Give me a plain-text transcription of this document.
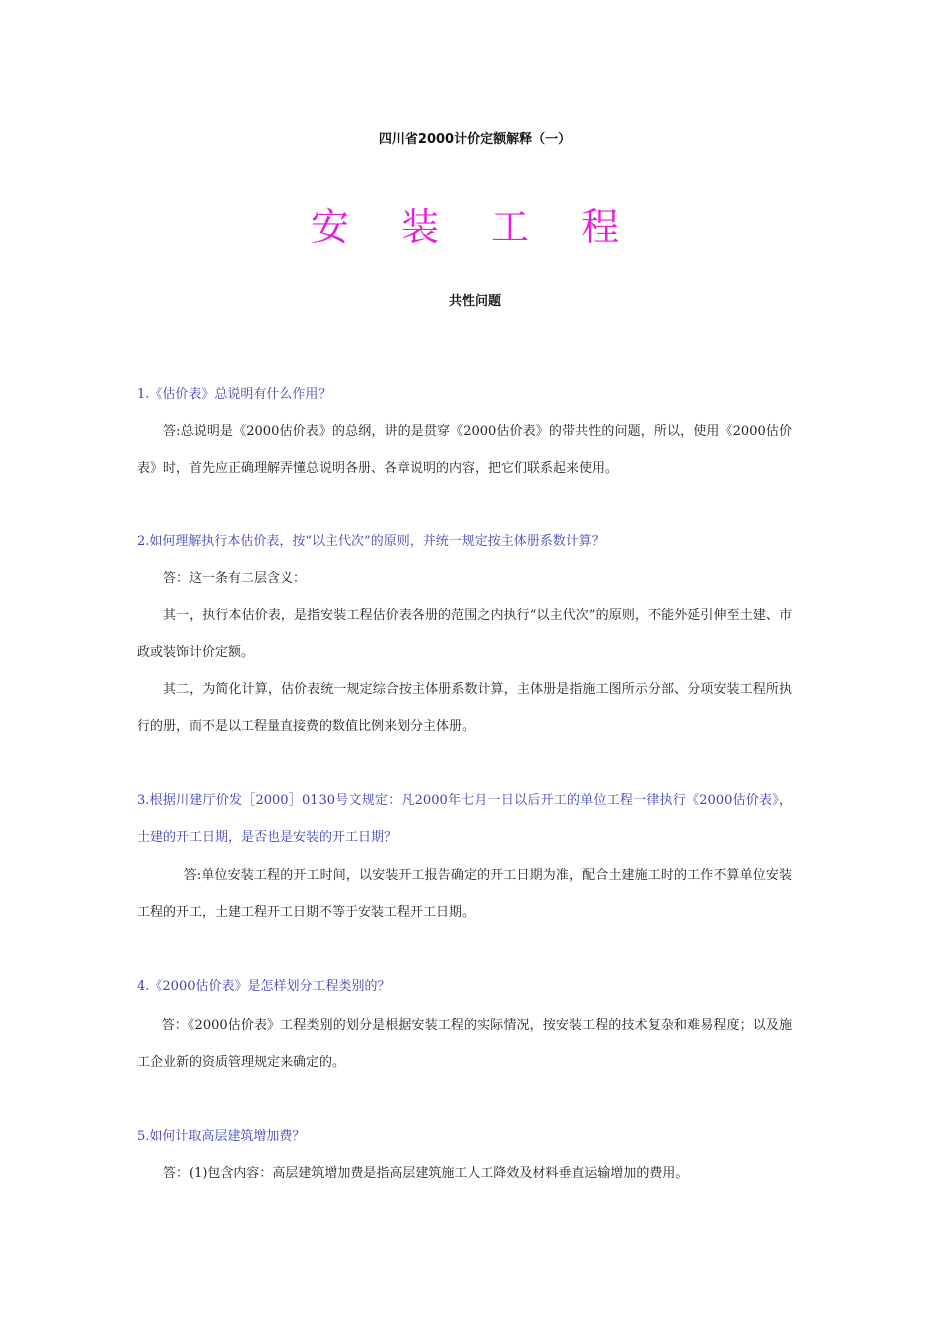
四川省2000计价定额解释（一）
安 装 工 程
共性问题
1.《估价表》总说明有什么作用？
答:总说明是《2000估价表》的总纲，讲的是贯穿《2000估价表》的带共性的问题，所以，使用《2000估价表》时，首先应正确理解弄懂总说明各册、各章说明的内容，把它们联系起来使用。
2.如何理解执行本估价表，按“以主代次”的原则，并统一规定按主体册系数计算？
答：这一条有二层含义：
其一，执行本估价表，是指安装工程估价表各册的范围之内执行“以主代次”的原则，不能外延引伸至土建、市政或装饰计价定额。
其二，为简化计算，估价表统一规定综合按主体册系数计算，主体册是指施工图所示分部、分项安装工程所执行的册，而不是以工程量直接费的数值比例来划分主体册。
3.根据川建厅价发［2000］0130号文规定：凡2000年七月一日以后开工的单位工程一律执行《2000估价表》，土建的开工日期，是否也是安装的开工日期？
答:单位安装工程的开工时间，以安装开工报告确定的开工日期为准，配合土建施工时的工作不算单位安装工程的开工，土建工程开工日期不等于安装工程开工日期。
4.《2000估价表》是怎样划分工程类别的？
答：《2000估价表》工程类别的划分是根据安装工程的实际情况，按安装工程的技术复杂和难易程度；以及施工企业新的资质管理规定来确定的。
5.如何计取高层建筑增加费？
答：(1)包含内容：高层建筑增加费是指高层建筑施工人工降效及材料垂直运输增加的费用。
